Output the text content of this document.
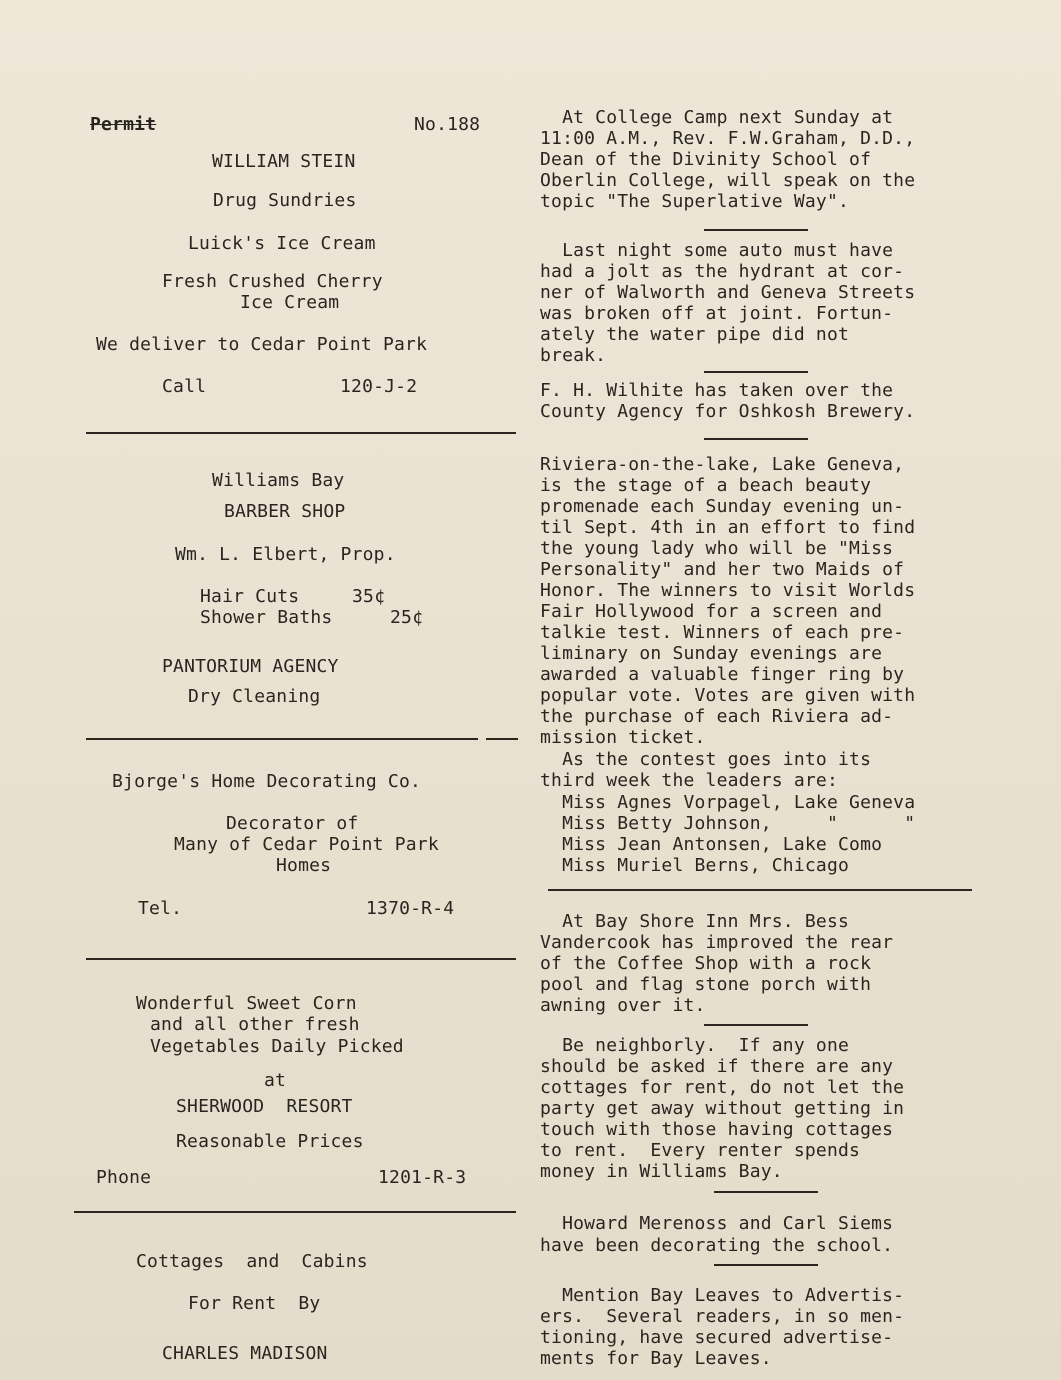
Permit	No.188
WILLIAM STEIN
Drug Sundries
Luick's Ice Cream
Fresh Crushed Cherry
Ice Cream
We deliver to Cedar Point Park
Call	120-J-2
Williams Bay
BARBER SHOP
Wm. L. Elbert, Prop.
Hair Cuts	35¢
Shower Baths	25¢
PANTORIUM AGENCY
Dry Cleaning
Bjorge's Home Decorating Co.
Decorator of
Many of Cedar Point Park
Homes
Tel.	1370-R-4
Wonderful Sweet Corn
and all other fresh
Vegetables Daily Picked
at
SHERWOOD  RESORT
Reasonable Prices
Phone	1201-R-3
Cottages  and  Cabins
For Rent  By
CHARLES MADISON
At College Camp next Sunday at
11:00 A.M., Rev. F.W.Graham, D.D.,
Dean of the Divinity School of
Oberlin College, will speak on the
topic "The Superlative Way".
Last night some auto must have
had a jolt as the hydrant at cor-
ner of Walworth and Geneva Streets
was broken off at joint. Fortun-
ately the water pipe did not
break.
F. H. Wilhite has taken over the
County Agency for Oshkosh Brewery.
Riviera-on-the-lake, Lake Geneva,
is the stage of a beach beauty
promenade each Sunday evening un-
til Sept. 4th in an effort to find
the young lady who will be "Miss
Personality" and her two Maids of
Honor. The winners to visit Worlds
Fair Hollywood for a screen and
talkie test. Winners of each pre-
liminary on Sunday evenings are
awarded a valuable finger ring by
popular vote. Votes are given with
the purchase of each Riviera ad-
mission ticket.
As the contest goes into its
third week the leaders are:
Miss Agnes Vorpagel, Lake Geneva
Miss Betty Johnson,     "      "
Miss Jean Antonsen, Lake Como
Miss Muriel Berns, Chicago
At Bay Shore Inn Mrs. Bess
Vandercook has improved the rear
of the Coffee Shop with a rock
pool and flag stone porch with
awning over it.
Be neighborly.  If any one
should be asked if there are any
cottages for rent, do not let the
party get away without getting in
touch with those having cottages
to rent.  Every renter spends
money in Williams Bay.
Howard Merenoss and Carl Siems
have been decorating the school.
Mention Bay Leaves to Advertis-
ers.  Several readers, in so men-
tioning, have secured advertise-
ments for Bay Leaves.
